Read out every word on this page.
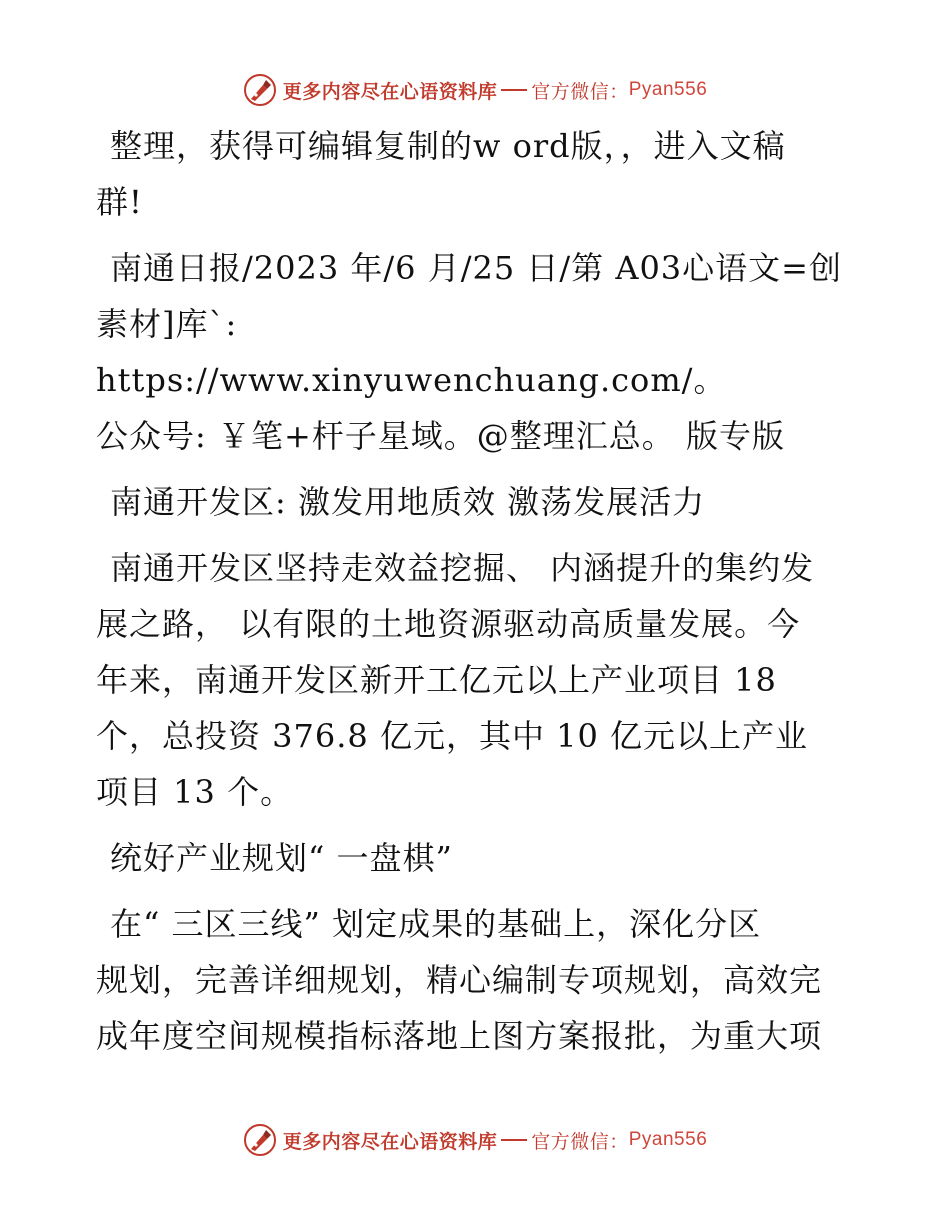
更多内容尽在心语资料库 官方微信： Pyan556

整理，获得可编辑复制的w ord版，，进入文稿
群!

南通日报/2023 年/6 月/25 日/第 A03心语文=创
素材]库`: https://www.xinyuwenchuang.com/。
公众号: ￥笔+杆子星域。@整理汇总。 版专版

南通开发区: 激发用地质效 激荡发展活力

南通开发区坚持走效益挖掘、 内涵提升的集约发
展之路， 以有限的土地资源驱动高质量发展。今
年来，南通开发区新开工亿元以上产业项目 18
个，总投资 376.8 亿元，其中 10 亿元以上产业
项目 13 个。

统好产业规划“ 一盘棋”

在“ 三区三线” 划定成果的基础上，深化分区
规划，完善详细规划，精心编制专项规划，高效完
成年度空间规模指标落地上图方案报批，为重大项

更多内容尽在心语资料库 官方微信： Pyan556
